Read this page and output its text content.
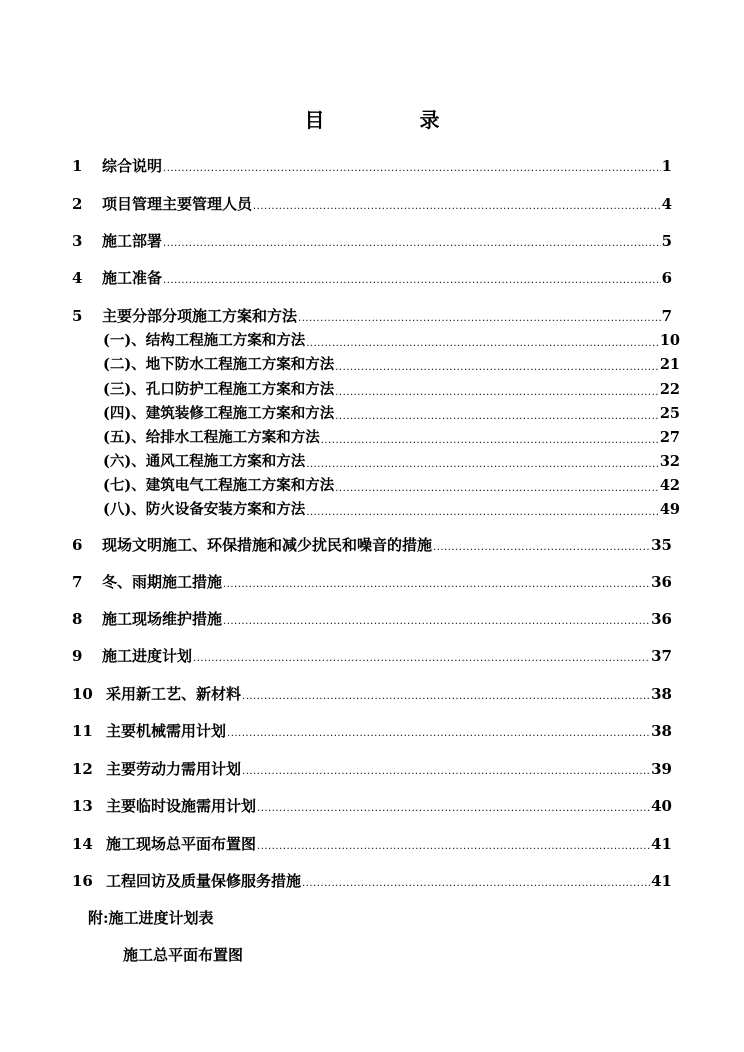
目 录
1	综合说明 .....	1
2	项目管理主要管理人员 .....	4
3	施工部署 .....	5
4	施工准备 .....	6
5	主要分部分项施工方案和方法 .....	7
(一)、结构工程施工方案和方法 .....	10
(二)、地下防水工程施工方案和方法 .....	21
(三)、孔口防护工程施工方案和方法 .....	22
(四)、建筑装修工程施工方案和方法 .....	25
(五)、给排水工程施工方案和方法 .....	27
(六)、通风工程施工方案和方法 .....	32
(七)、建筑电气工程施工方案和方法 .....	42
(八)、防火设备安装方案和方法 .....	49
6	现场文明施工、环保措施和减少扰民和噪音的措施 .....	35
7	冬、雨期施工措施 .....	36
8	施工现场维护措施 .....	36
9	施工进度计划 .....	37
10 采用新工艺、新材料 .....	38
11 主要机械需用计划 .....	38
12 主要劳动力需用计划 .....	39
13 主要临时设施需用计划 .....	40
14 施工现场总平面布置图 .....	41
16 工程回访及质量保修服务措施 .....	41
附:施工进度计划表
施工总平面布置图
